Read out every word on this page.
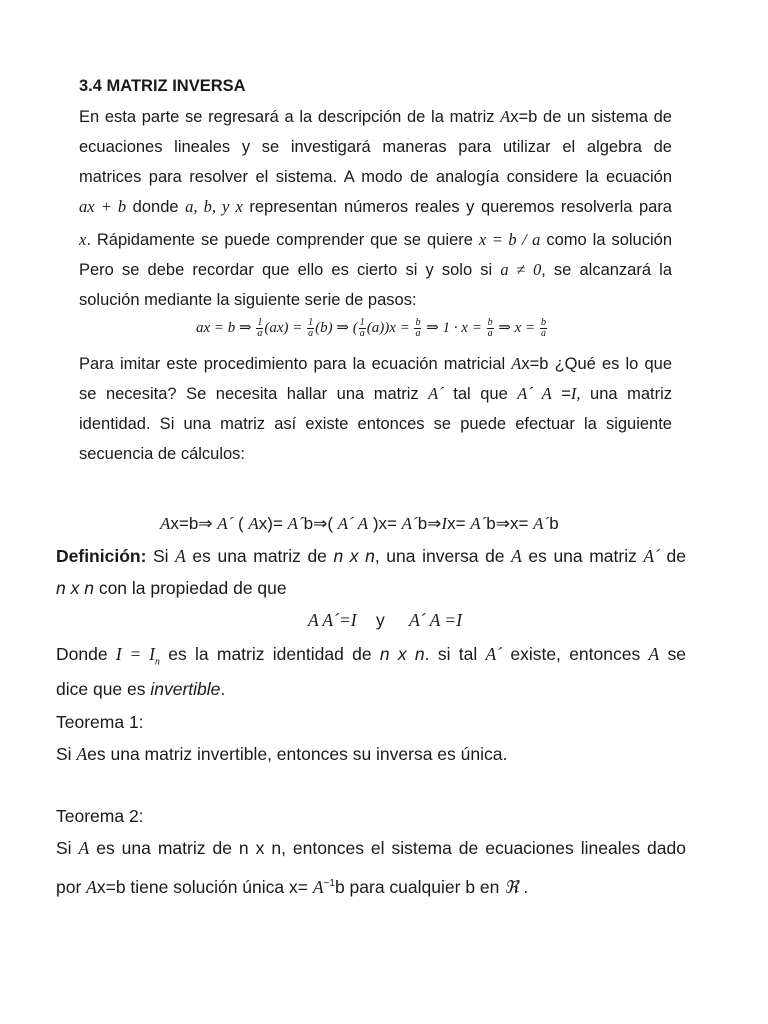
3.4 MATRIZ INVERSA
En esta parte se regresará a la descripción de la matriz Ax=b de un sistema de
ecuaciones lineales y se investigará maneras para utilizar el algebra de
matrices para resolver el sistema. A modo de analogía considere la ecuación
ax + b donde a, b, y x representan números reales y queremos resolverla para
x. Rápidamente se puede comprender que se quiere x = b / a como la solución
Pero se debe recordar que ello es cierto si y solo si a ≠ 0, se alcanzará la
solución mediante la siguiente serie de pasos:
ax = b ⇒ $\frac{1}{a} (ax) = \frac{1}{a} (b)$ ⇒ ( $\frac{1}{a} (a))x = \frac{b}{a}$ ⇒ $1 \cdot x = \frac{b}{a}$ ⇒ $x = \frac{b}{a}$
Para imitar este procedimiento para la ecuación matricial Ax=b ¿Qué es lo que
se necesita? Se necesita hallar una matriz A´ tal que A´ A =I, una matriz
identidad. Si una matriz así existe entonces se puede efectuar la siguiente
secuencia de cálculos:
Ax=b⇒ A´ ( Ax)= A´b⇒( A´ A )x= A´b⇒Ix= A´b⇒x= A´b
Definición: Si A es una matriz de n x n, una inversa de A es una matriz A´ de
n x n con la propiedad de que
A A´=I y A´ A =I
Donde $I = I_n$ es la matriz identidad de n x n. si tal A´ existe, entonces A se
dice que es invertible.
Teorema 1:
Si Aes una matriz invertible, entonces su inversa es única.
Teorema 2:
Si A es una matriz de n x n, entonces el sistema de ecuaciones lineales dado
por Ax=b tiene solución única $x= A^{-1}b$ para cualquier b en ℜ .
